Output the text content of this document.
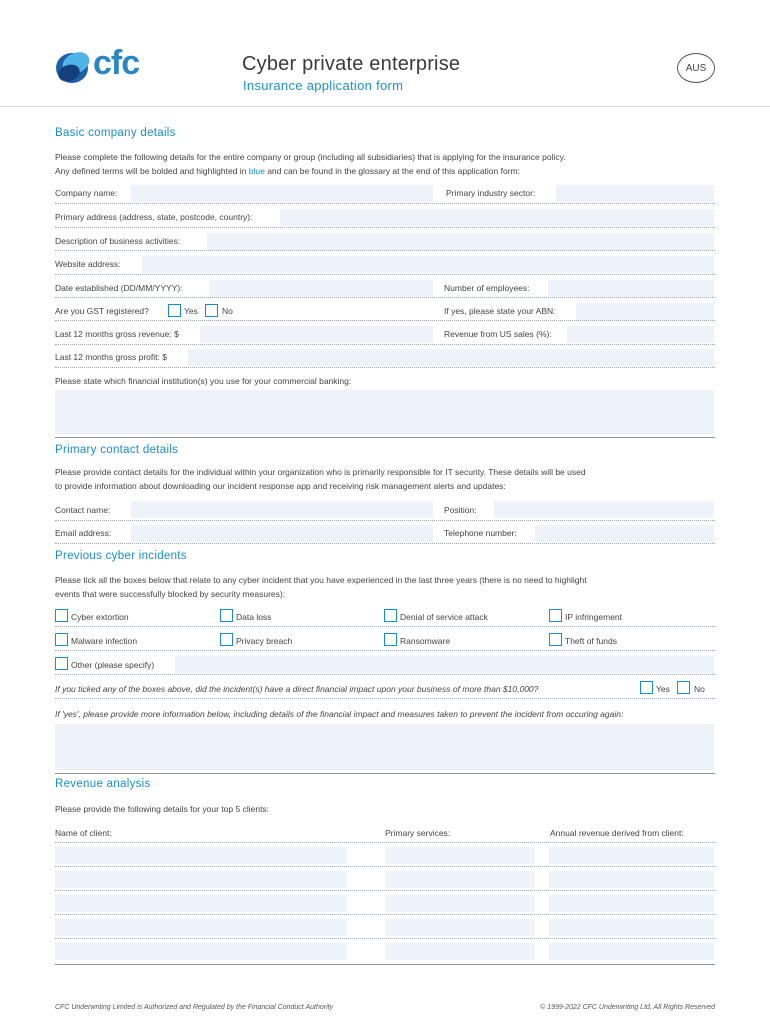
cfc	Cyber private enterprise
Insurance application form
AUS
Basic company details
Please complete the following details for the entire company or group (including all subsidiaries) that is applying for the insurance policy.
Any defined terms will be bolded and highlighted in blue and can be found in the glossary at the end of this application form:
Company name:	Primary industry sector:
Primary address (address, state, postcode, country):
Description of business activities:
Website address:
Date established (DD/MM/YYYY):	Number of employees:
Are you GST registered?	Yes	No	If yes, please state your ABN:
Last 12 months gross revenue: $	Revenue from US sales (%):
Last 12 months gross profit: $
Please state which financial institution(s) you use for your commercial banking:
Primary contact details
Please provide contact details for the individual within your organization who is primarily responsible for IT security. These details will be used
to provide information about downloading our incident response app and receiving risk management alerts and updates:
Contact name:	Position:
Email address:	Telephone number:
Previous cyber incidents
Please tick all the boxes below that relate to any cyber incident that you have experienced in the last three years (there is no need to highlight
events that were successfully blocked by security measures):
Cyber extortion	Data loss	Denial of service attack	IP infringement
Malware infection	Privacy breach	Ransomware	Theft of funds
Other (please specify)
If you ticked any of the boxes above, did the incident(s) have a direct financial impact upon your business of more than $10,000?	Yes	No
If 'yes', please provide more information below, including details of the financial impact and measures taken to prevent the incident from occuring again:
Revenue analysis
Please provide the following details for your top 5 clients:
Name of client:	Primary services:	Annual revenue derived from client:
CFC Underwriting Limited is Authorized and Regulated by the Financial Conduct Authority	© 1999-2022 CFC Underwriting Ltd, All Rights Reserved
